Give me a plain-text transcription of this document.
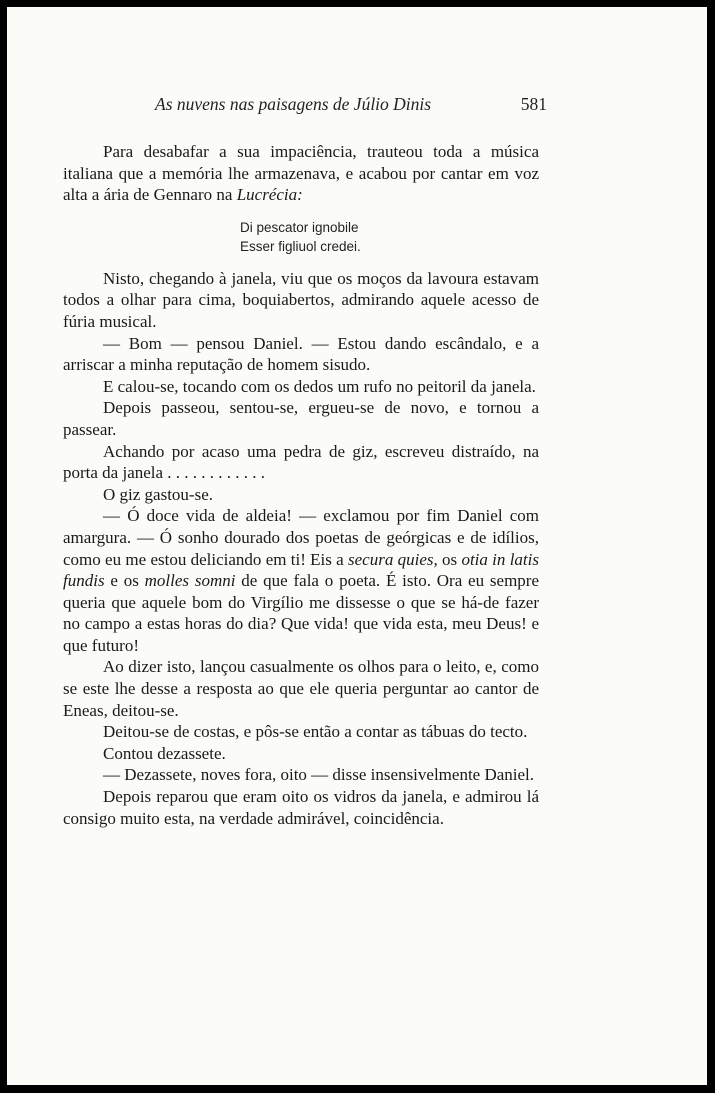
As nuvens nas paisagens de Júlio Dinis	581

Para desabafar a sua impaciência, trauteou toda a música italiana que a memória lhe armazenava, e acabou por cantar em voz alta a ária de Gennaro na Lucrécia:

Di pescator ignobile
Esser figliuol credei.

Nisto, chegando à janela, viu que os moços da lavoura estavam todos a olhar para cima, boquiabertos, admirando aquele acesso de fúria musical.

— Bom — pensou Daniel. — Estou dando escândalo, e a arriscar a minha reputação de homem sisudo.

E calou-se, tocando com os dedos um rufo no peitoril da janela.

Depois passeou, sentou-se, ergueu-se de novo, e tornou a passear.

Achando por acaso uma pedra de giz, escreveu distraído, na porta da janela . . . . . . . . . . . .

O giz gastou-se.

— Ó doce vida de aldeia! — exclamou por fim Daniel com amargura. — Ó sonho dourado dos poetas de geórgicas e de idílios, como eu me estou deliciando em ti! Eis a secura quies, os otia in latis fundis e os molles somni de que fala o poeta. É isto. Ora eu sempre queria que aquele bom do Virgílio me dissesse o que se há-de fazer no campo a estas horas do dia? Que vida! que vida esta, meu Deus! e que futuro!

Ao dizer isto, lançou casualmente os olhos para o leito, e, como se este lhe desse a resposta ao que ele queria perguntar ao cantor de Eneas, deitou-se.

Deitou-se de costas, e pôs-se então a contar as tábuas do tecto.

Contou dezassete.

— Dezassete, noves fora, oito — disse insensivelmente Daniel.

Depois reparou que eram oito os vidros da janela, e admirou lá consigo muito esta, na verdade admirável, coincidência.
